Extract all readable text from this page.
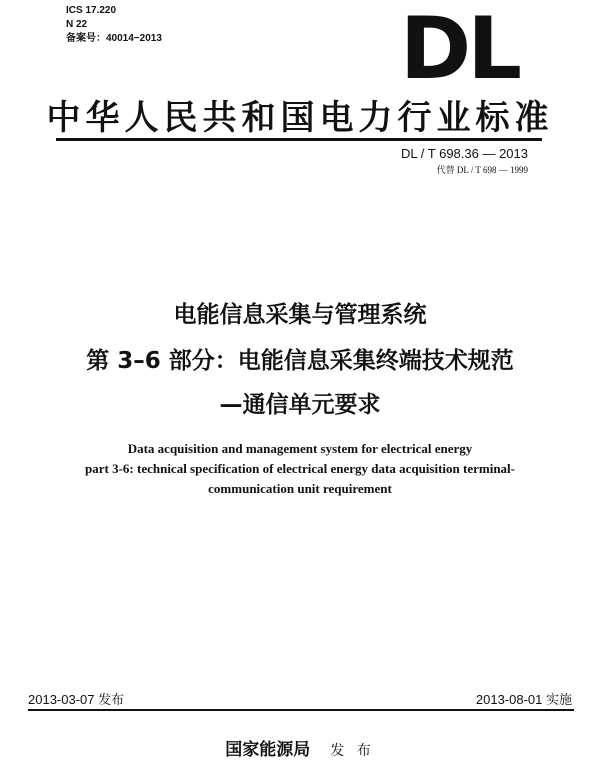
ICS 17.220
N 22
备案号：40014−2013	DL
中华人民共和国电力行业标准
DL / T 698.36 — 2013
代替 DL / T 698 — 1999
电能信息采集与管理系统
第 3–6 部分：电能信息采集终端技术规范
—通信单元要求
Data acquisition and management system for electrical energy
part 3-6: technical specification of electrical energy data acquisition terminal-
communication unit requirement
2013-03-07 发布	2013-08-01 实施
国家能源局 发 布
